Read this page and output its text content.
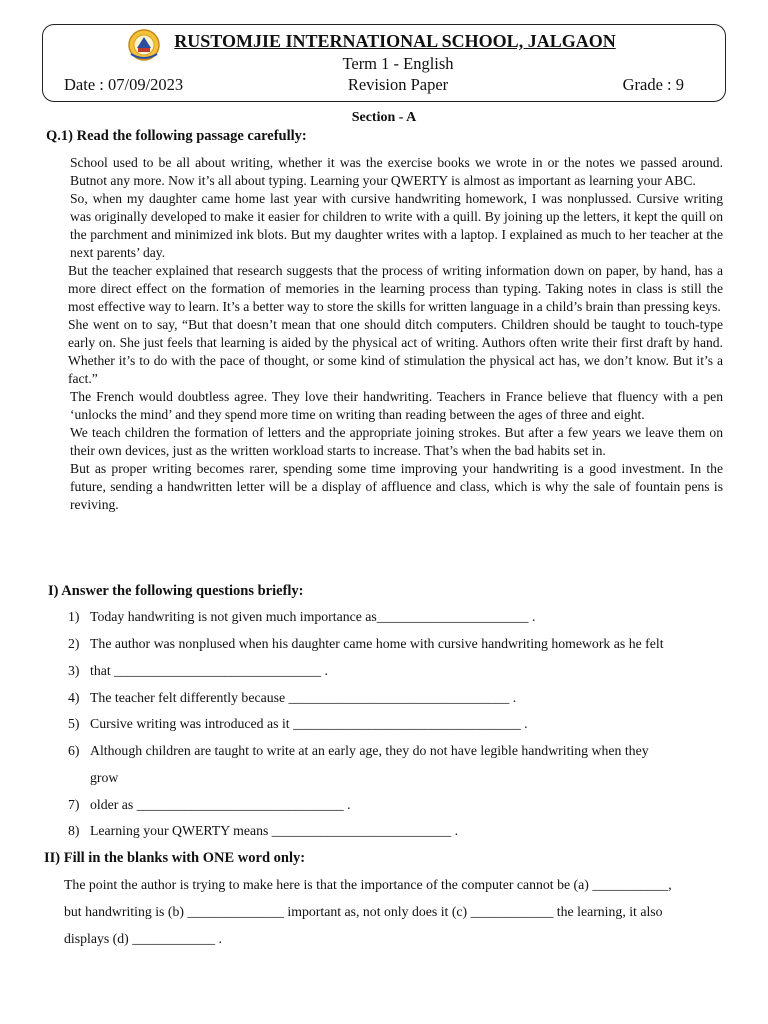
RUSTOMJIE INTERNATIONAL SCHOOL, JALGAON
Term 1 - English
Date : 07/09/2023	Revision Paper	Grade : 9
Section - A
Q.1) Read the following passage carefully:

School used to be all about writing, whether it was the exercise books we wrote in or the notes we passed around. Butnot any more. Now it’s all about typing. Learning your QWERTY is almost as important as learning your ABC.

So, when my daughter came home last year with cursive handwriting homework, I was nonplussed. Cursive writing was originally developed to make it easier for children to write with a quill. By joining up the letters, it kept the quill on the parchment and minimized ink blots. But my daughter writes with a laptop. I explained as much to her teacher at the next parents’ day.

But the teacher explained that research suggests that the process of writing information down on paper, by hand, has a more direct effect on the formation of memories in the learning process than typing. Taking notes in class is still the most effective way to learn. It’s a better way to store the skills for written language in a child’s brain than pressing keys.

She went on to say, “But that doesn’t mean that one should ditch computers. Children should be taught to touch-type early on. She just feels that learning is aided by the physical act of writing. Authors often write their first draft by hand. Whether it’s to do with the pace of thought, or some kind of stimulation the physical act has, we don’t know. But it’s a fact.”

The French would doubtless agree. They love their handwriting. Teachers in France believe that fluency with a pen ‘unlocks the mind’ and they spend more time on writing than reading between the ages of three and eight.

We teach children the formation of letters and the appropriate joining strokes. But after a few years we leave them on their own devices, just as the written workload starts to increase. That’s when the bad habits set in.

But as proper writing becomes rarer, spending some time improving your handwriting is a good investment. In the future, sending a handwritten letter will be a display of affluence and class, which is why the sale of fountain pens is reviving.

I) Answer the following questions briefly:
1) Today handwriting is not given much importance as______________________ .
2) The author was nonplused when his daughter came home with cursive handwriting homework as he felt
3) that ______________________________ .
4) The teacher felt differently because ________________________________ .
5) Cursive writing was introduced as it _________________________________ .
6) Although children are taught to write at an early age, they do not have legible handwriting when they
grow
7) older as ______________________________ .
8) Learning your QWERTY means __________________________ .
II) Fill in the blanks with ONE word only:
The point the author is trying to make here is that the importance of the computer cannot be (a) ___________,
but handwriting is (b) ______________ important as, not only does it (c) ____________ the learning, it also
displays (d) ____________ .
